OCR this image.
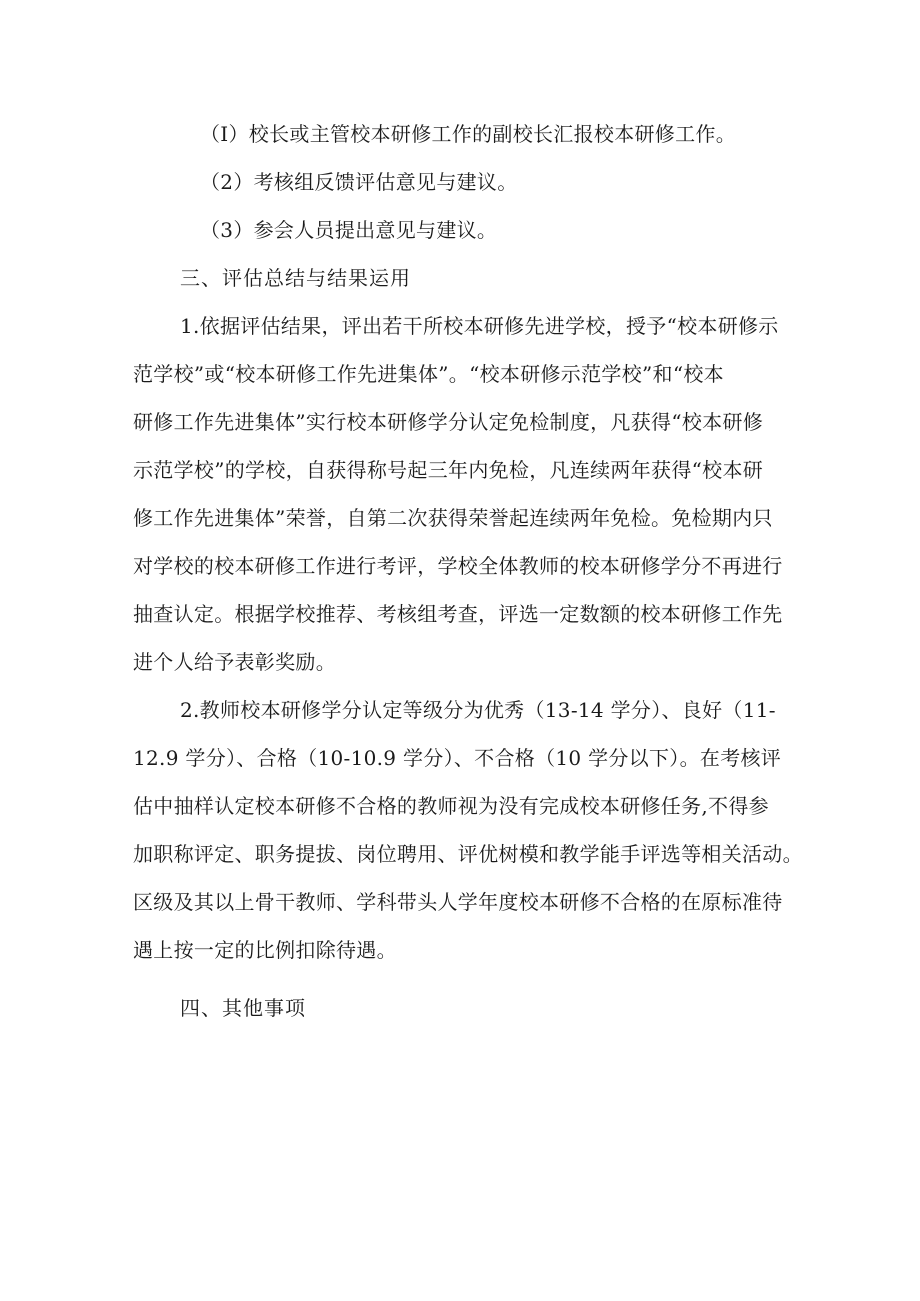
（I）校长或主管校本研修工作的副校长汇报校本研修工作。
（2）考核组反馈评估意见与建议。
（3）参会人员提出意见与建议。
三、评估总结与结果运用
1.依据评估结果，评出若干所校本研修先进学校，授予“校本研修示
范学校”或“校本研修工作先进集体”。“校本研修示范学校”和“校本
研修工作先进集体”实行校本研修学分认定免检制度，凡获得“校本研修
示范学校”的学校，自获得称号起三年内免检，凡连续两年获得“校本研
修工作先进集体”荣誉，自第二次获得荣誉起连续两年免检。免检期内只
对学校的校本研修工作进行考评，学校全体教师的校本研修学分不再进行
抽查认定。根据学校推荐、考核组考查，评选一定数额的校本研修工作先
进个人给予表彰奖励。
2.教师校本研修学分认定等级分为优秀（13-14 学分）、良好（11-
12.9 学分）、合格（10-10.9 学分）、不合格（10 学分以下）。在考核评
估中抽样认定校本研修不合格的教师视为没有完成校本研修任务,不得参
加职称评定、职务提拔、岗位聘用、评优树模和教学能手评选等相关活动。
区级及其以上骨干教师、学科带头人学年度校本研修不合格的在原标准待
遇上按一定的比例扣除待遇。
四、其他事项
